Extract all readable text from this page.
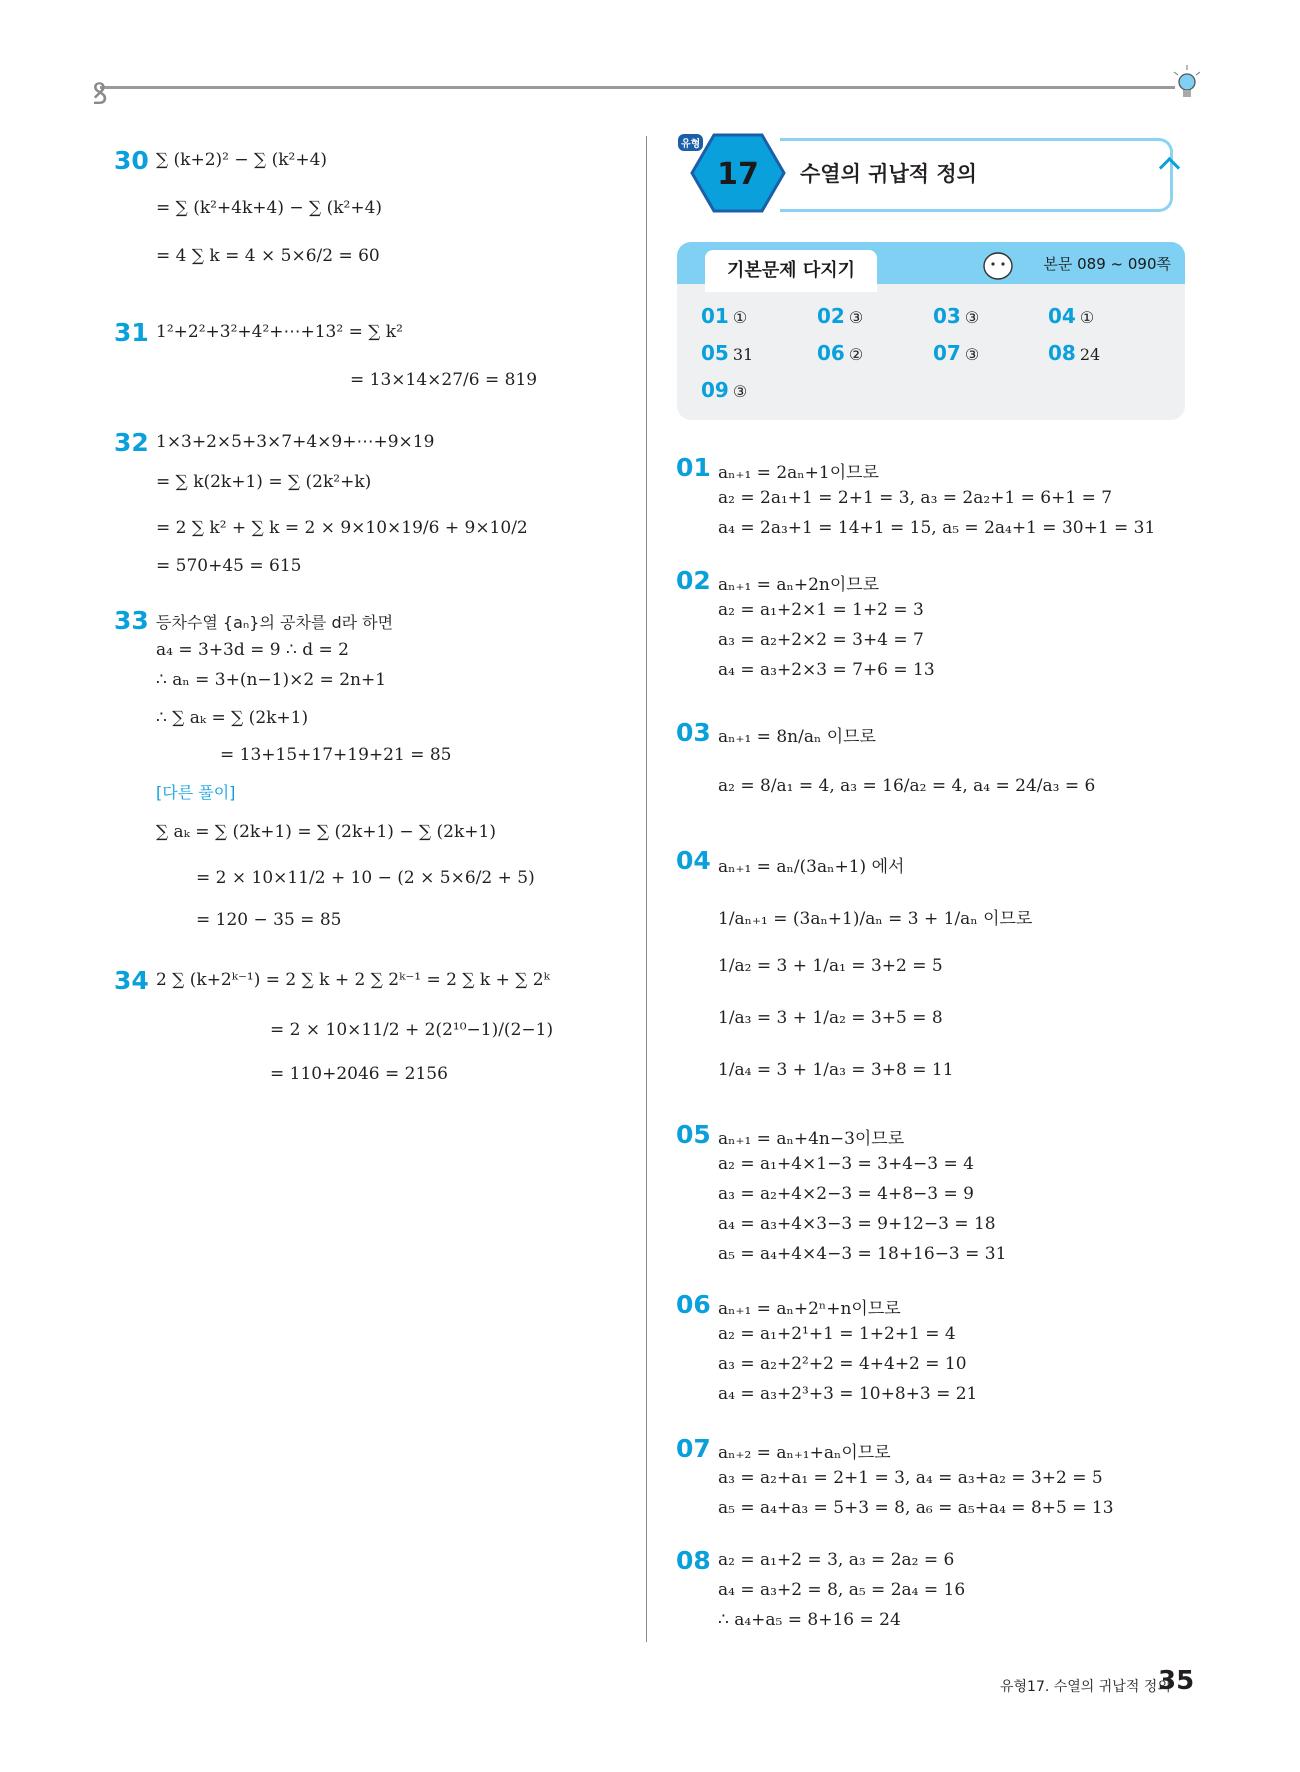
ꝸ
30 ∑ (k+2)² − ∑ (k²+4)
= ∑ (k²+4k+4) − ∑ (k²+4)
= 4 ∑ k = 4 × 5×6/2 = 60
31 1²+2²+3²+4²+⋯+13² = ∑ k²
= 13×14×27/6 = 819
32 1×3+2×5+3×7+4×9+⋯+9×19
= ∑ k(2k+1) = ∑ (2k²+k)
= 2 ∑ k² + ∑ k = 2 × 9×10×19/6 + 9×10/2
= 570+45 = 615
33 등차수열 {aₙ}의 공차를 d라 하면
a₄ = 3+3d = 9 ∴ d = 2
∴ aₙ = 3+(n−1)×2 = 2n+1
∴ ∑ aₖ = ∑ (2k+1)
= 13+15+17+19+21 = 85
[다른 풀이]
∑ aₖ = ∑ (2k+1) = ∑ (2k+1) − ∑ (2k+1)
= 2 × 10×11/2 + 10 − (2 × 5×6/2 + 5)
= 120 − 35 = 85
34 2 ∑ (k+2ᵏ⁻¹) = 2 ∑ k + 2 ∑ 2ᵏ⁻¹ = 2 ∑ k + ∑ 2ᵏ
= 2 × 10×11/2 + 2(2¹⁰−1)/(2−1)
= 110+2046 = 2156
17
유형
수열의 귀납적 정의
기본문제 다지기	본문 089 ~ 090쪽
01 ①	02 ③	03 ③	04 ①
05 31	06 ②	07 ③	08 24
09 ③
01 aₙ₊₁ = 2aₙ+1이므로
a₂ = 2a₁+1 = 2+1 = 3, a₃ = 2a₂+1 = 6+1 = 7
a₄ = 2a₃+1 = 14+1 = 15, a₅ = 2a₄+1 = 30+1 = 31
02 aₙ₊₁ = aₙ+2n이므로
a₂ = a₁+2×1 = 1+2 = 3
a₃ = a₂+2×2 = 3+4 = 7
a₄ = a₃+2×3 = 7+6 = 13
03 aₙ₊₁ = 8n/aₙ 이므로
a₂ = 8/a₁ = 4, a₃ = 16/a₂ = 4, a₄ = 24/a₃ = 6
04 aₙ₊₁ = aₙ/(3aₙ+1) 에서
1/aₙ₊₁ = (3aₙ+1)/aₙ = 3 + 1/aₙ 이므로
1/a₂ = 3 + 1/a₁ = 3+2 = 5
1/a₃ = 3 + 1/a₂ = 3+5 = 8
1/a₄ = 3 + 1/a₃ = 3+8 = 11
05 aₙ₊₁ = aₙ+4n−3이므로
a₂ = a₁+4×1−3 = 3+4−3 = 4
a₃ = a₂+4×2−3 = 4+8−3 = 9
a₄ = a₃+4×3−3 = 9+12−3 = 18
a₅ = a₄+4×4−3 = 18+16−3 = 31
06 aₙ₊₁ = aₙ+2ⁿ+n이므로
a₂ = a₁+2¹+1 = 1+2+1 = 4
a₃ = a₂+2²+2 = 4+4+2 = 10
a₄ = a₃+2³+3 = 10+8+3 = 21
07 aₙ₊₂ = aₙ₊₁+aₙ이므로
a₃ = a₂+a₁ = 2+1 = 3, a₄ = a₃+a₂ = 3+2 = 5
a₅ = a₄+a₃ = 5+3 = 8, a₆ = a₅+a₄ = 8+5 = 13
08 a₂ = a₁+2 = 3, a₃ = 2a₂ = 6
a₄ = a₃+2 = 8, a₅ = 2a₄ = 16
∴ a₄+a₅ = 8+16 = 24
유형17. 수열의 귀납적 정의
35
